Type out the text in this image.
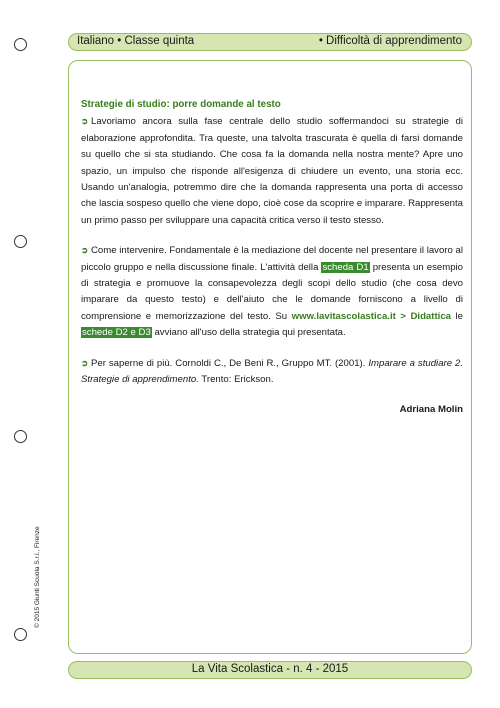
Italiano • Classe quinta	• Difficoltà di apprendimento
Strategie di studio: porre domande al testo

➲ Lavoriamo ancora sulla fase centrale dello studio soffermandoci su strategie di elaborazione approfondita. Tra queste, una talvolta trascurata è quella di farsi domande su quello che si sta studiando. Che cosa fa la domanda nella nostra mente? Apre uno spazio, un impulso che risponde all'esigenza di chiudere un evento, una storia ecc. Usando un'analogia, potremmo dire che la domanda rappresenta una porta di accesso che lascia sospeso quello che viene dopo, cioè cose da scoprire e imparare. Rappresenta un primo passo per sviluppare una capacità critica verso il testo stesso.

➲ Come intervenire. Fondamentale è la mediazione del docente nel presentare il lavoro al piccolo gruppo e nella discussione finale. L'attività della scheda D1 presenta un esempio di strategia e promuove la consapevolezza degli scopi dello studio (che cosa devo imparare da questo testo) e dell'aiuto che le domande forniscono a livello di comprensione e memorizzazione del testo. Su www.lavitascolastica.it > Didattica le schede D2 e D3 avviano all'uso della strategia qui presentata.

➲ Per saperne di più. Cornoldi C., De Beni R., Gruppo MT. (2001). Imparare a studiare 2. Strategie di apprendimento. Trento: Erickson.

Adriana Molin
© 2015 Giunti Scuola S.r.l., Firenze
La Vita Scolastica - n. 4 - 2015
